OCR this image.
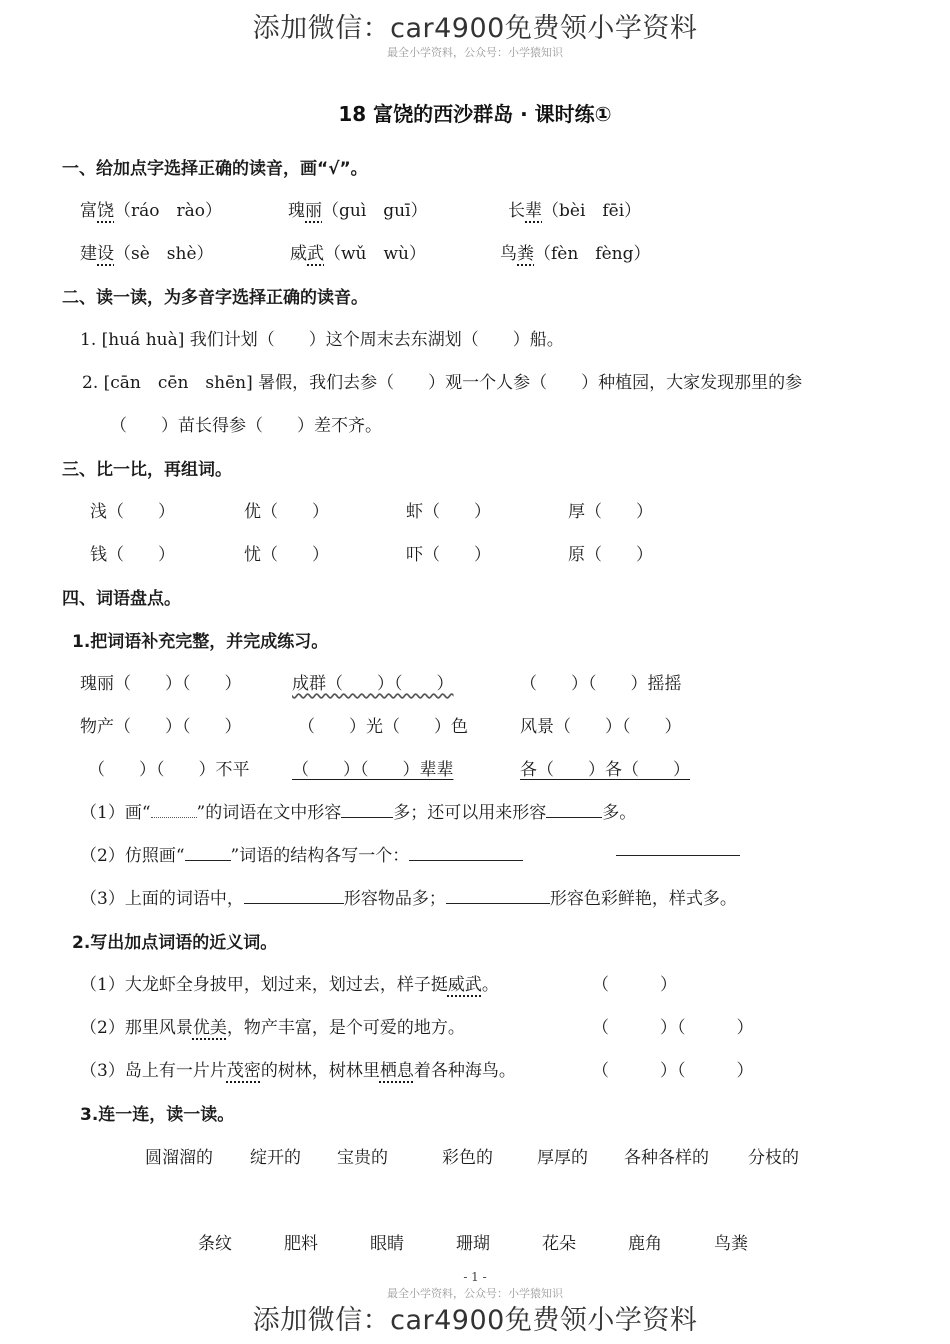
添加微信：car4900免费领小学资料
最全小学资料，公众号：小学猿知识
18 富饶的西沙群岛 · 课时练①
一、给加点字选择正确的读音，画“√”。
富饶（ráo　rào）	瑰丽（guì　guī）	长辈（bèi　fēi）
建设（sè　shè）	威武（wǔ　wù）	鸟粪（fèn　fèng）
二、读一读，为多音字选择正确的读音。
1. [huá huà] 我们计划（　　）这个周末去东湖划（　　）船。
2. [cān　cēn　shēn] 暑假，我们去参（　　）观一个人参（　　）种植园，大家发现那里的参
（　　）苗长得参（　　）差不齐。
三、比一比，再组词。
浅（　　）	优（　　）	虾（　　）	厚（　　）
钱（　　）	忧（　　）	吓（　　）	原（　　）
四、词语盘点。
1.把词语补充完整，并完成练习。
瑰丽（　　）（　　）	成群（　　）（　　）	（　　）（　　）摇摇
物产（　　）（　　）	（　　）光（　　）色	风景（　　）（　　）
（　　）（　　）不平	（　　）（　　）辈辈	各（　　）各（　　）
（1）画“	”的词语在文中形容	多；还可以用来形容	多。
（2）仿照画“	”词语的结构各写一个：
（3）上面的词语中，	形容物品多；	形容色彩鲜艳，样式多。
2.写出加点词语的近义词。
（1）大龙虾全身披甲，划过来，划过去，样子挺威武。	（　　　）
（2）那里风景优美，物产丰富，是个可爱的地方。	（　　　）（　　　）
（3）岛上有一片片茂密的树林，树林里栖息着各种海鸟。	（　　　）（　　　）
3.连一连，读一读。
圆溜溜的 绽开的 宝贵的	彩色的	厚厚的 各种各样的 分枝的
条纹	肥料	眼睛	珊瑚	花朵	鹿角	鸟粪
- 1 -
最全小学资料，公众号：小学猿知识
添加微信：car4900免费领小学资料
